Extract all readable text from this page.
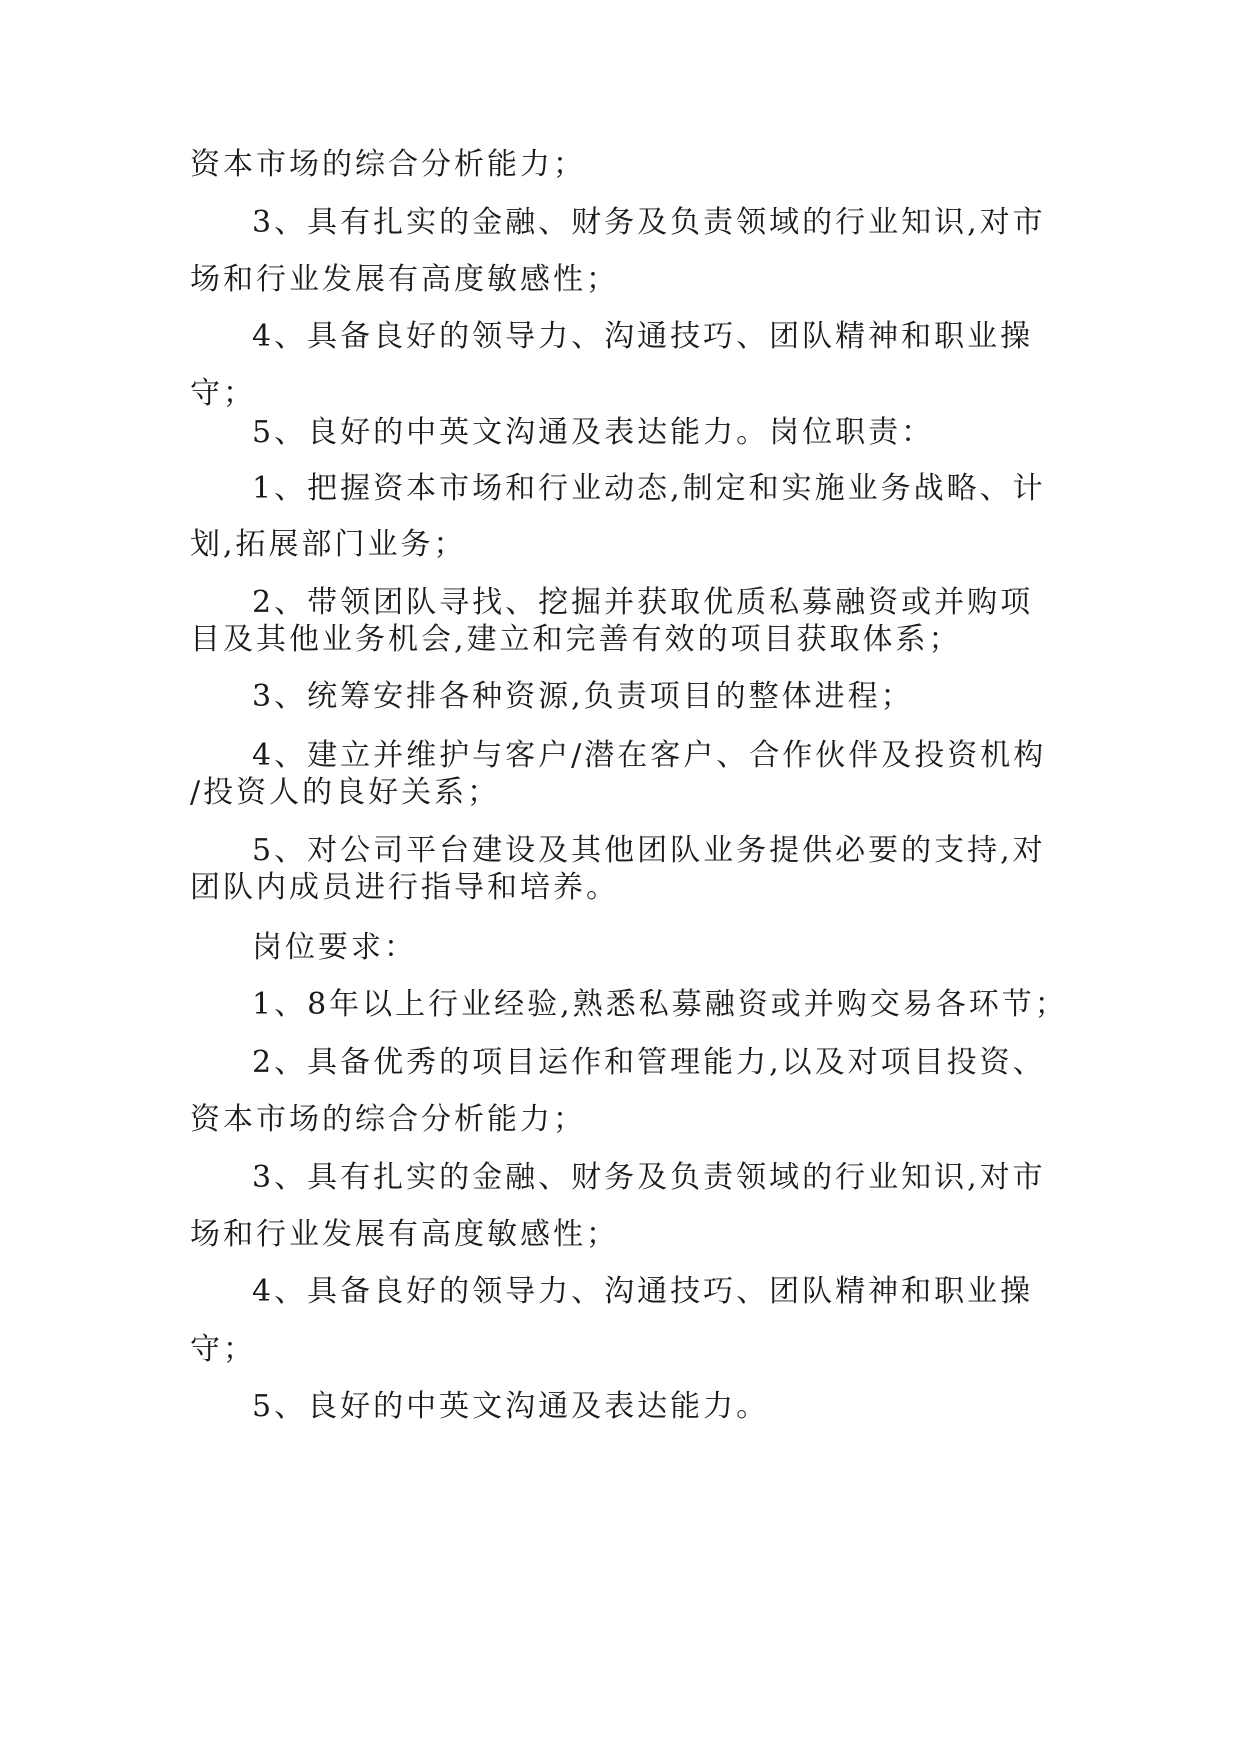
资本市场的综合分析能力；
3、具有扎实的金融、财务及负责领域的行业知识,对市
场和行业发展有高度敏感性；
4、具备良好的领导力、沟通技巧、团队精神和职业操
守；
5、良好的中英文沟通及表达能力。岗位职责：
1、把握资本市场和行业动态,制定和实施业务战略、计
划,拓展部门业务；
2、带领团队寻找、挖掘并获取优质私募融资或并购项
目及其他业务机会,建立和完善有效的项目获取体系；
3、统筹安排各种资源,负责项目的整体进程；
4、建立并维护与客户/潜在客户、合作伙伴及投资机构
/投资人的良好关系；
5、对公司平台建设及其他团队业务提供必要的支持,对
团队内成员进行指导和培养。
岗位要求：
1、8年以上行业经验,熟悉私募融资或并购交易各环节；
2、具备优秀的项目运作和管理能力,以及对项目投资、
资本市场的综合分析能力；
3、具有扎实的金融、财务及负责领域的行业知识,对市
场和行业发展有高度敏感性；
4、具备良好的领导力、沟通技巧、团队精神和职业操
守；
5、良好的中英文沟通及表达能力。
